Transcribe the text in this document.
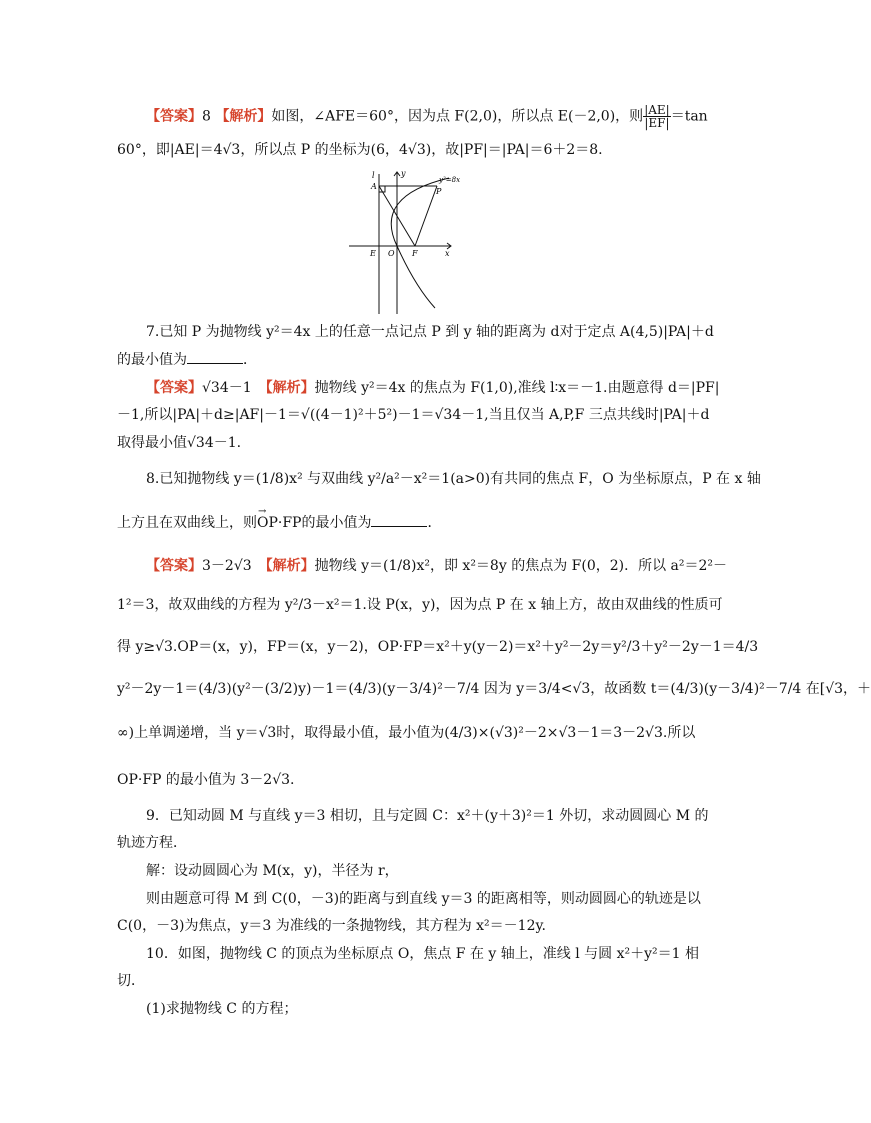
【答案】8 【解析】如图，∠AFE＝60°，因为点 F(2,0)，所以点 E(－2,0)，则 $\frac{|AE|}{|EF|} =\tan$
60°，即|AE|＝4√3，所以点 P 的坐标为(6，4√3)，故|PF|＝|PA|＝6＋2＝8.
l	y
A
P
y²=8x
E O F	x
7.已知 P 为抛物线 y²＝4x 上的任意一点记点 P 到 y 轴的距离为 d对于定点 A(4,5)|PA|＋d
的最小值为	．
【答案】√34－1　 【解析】抛物线 y²＝4x 的焦点为 F(1,0),准线 l∶x＝－1.由题意得 d＝|PF|
－1,所以|PA|＋d≥|AF|－1＝√((4－1)²＋5²)－1＝√34－1,当且仅当 A,P,F 三点共线时|PA|＋d
取得最小值√34－1.
8.已知抛物线 y＝(1/8)x² 与双曲线 y²/a²－x²＝1(a>0)有共同的焦点 F，O 为坐标原点，P 在 x 轴
上方且在双曲线上，则→ OP·FP的最小值为	．
【答案】3－2√3　 【解析】抛物线 y＝(1/8)x²，即 x²＝8y 的焦点为 F(0，2)．所以 a²＝2²－
1²＝3，故双曲线的方程为 y²/3－x²＝1.设 P(x，y)，因为点 P 在 x 轴上方，故由双曲线的性质可
得 y≥√3.OP＝(x，y)，FP＝(x，y－2)，OP·FP＝x²＋y(y－2)＝x²＋y²－2y＝y²/3＋y²－2y－1＝4/3
y²－2y－1＝(4/3)(y²－(3/2)y)－1＝(4/3)(y－3/4)²－7/4 因为 y＝3/4<√3，故函数 t＝(4/3)(y－3/4)²－7/4 在[√3，＋
∞)上单调递增，当 y＝√3时，取得最小值，最小值为(4/3)×(√3)²－2×√3－1＝3－2√3.所以
OP·FP 的最小值为 3－2√3.
9．已知动圆 M 与直线 y＝3 相切，且与定圆 C：x²＋(y＋3)²＝1 外切，求动圆圆心 M 的
轨迹方程．
解：设动圆圆心为 M(x，y)，半径为 r，
则由题意可得 M 到 C(0，－3)的距离与到直线 y＝3 的距离相等，则动圆圆心的轨迹是以
C(0，－3)为焦点，y＝3 为准线的一条抛物线，其方程为 x²＝－12y.
10．如图，抛物线 C 的顶点为坐标原点 O，焦点 F 在 y 轴上，准线 l 与圆 x²＋y²＝1 相
切．
(1)求抛物线 C 的方程；
